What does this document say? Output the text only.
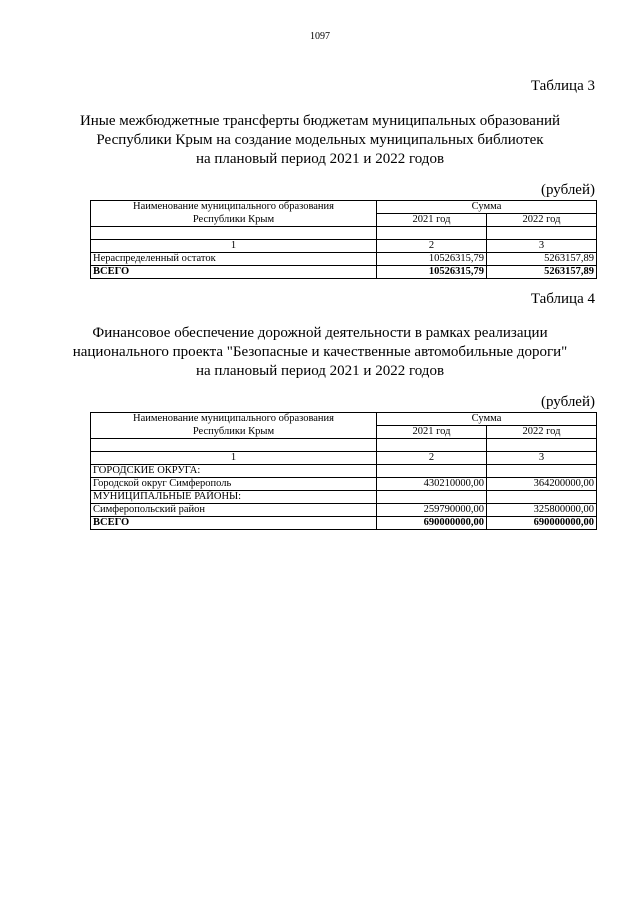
1097
Таблица 3
Иные межбюджетные трансферты бюджетам муниципальных образований
Республики Крым на создание модельных муниципальных библиотек
на плановый период 2021 и 2022 годов
(рублей)
Наименование муниципального образования	Сумма	
Республики Крым	2021 год	2022 год

1	2	3
Нераспределенный остаток	10526315,79	5263157,89
ВСЕГО	10526315,79	5263157,89
Таблица 4
Финансовое обеспечение дорожной деятельности в рамках реализации
национального проекта "Безопасные и качественные автомобильные дороги"
на плановый период 2021 и 2022 годов
(рублей)
Наименование муниципального образования	Сумма	
Республики Крым	2021 год	2022 год

1	2	3
ГОРОДСКИЕ ОКРУГА:		
Городской округ Симферополь	430210000,00	364200000,00
МУНИЦИПАЛЬНЫЕ РАЙОНЫ:		
Симферопольский район	259790000,00	325800000,00
ВСЕГО	690000000,00	690000000,00
